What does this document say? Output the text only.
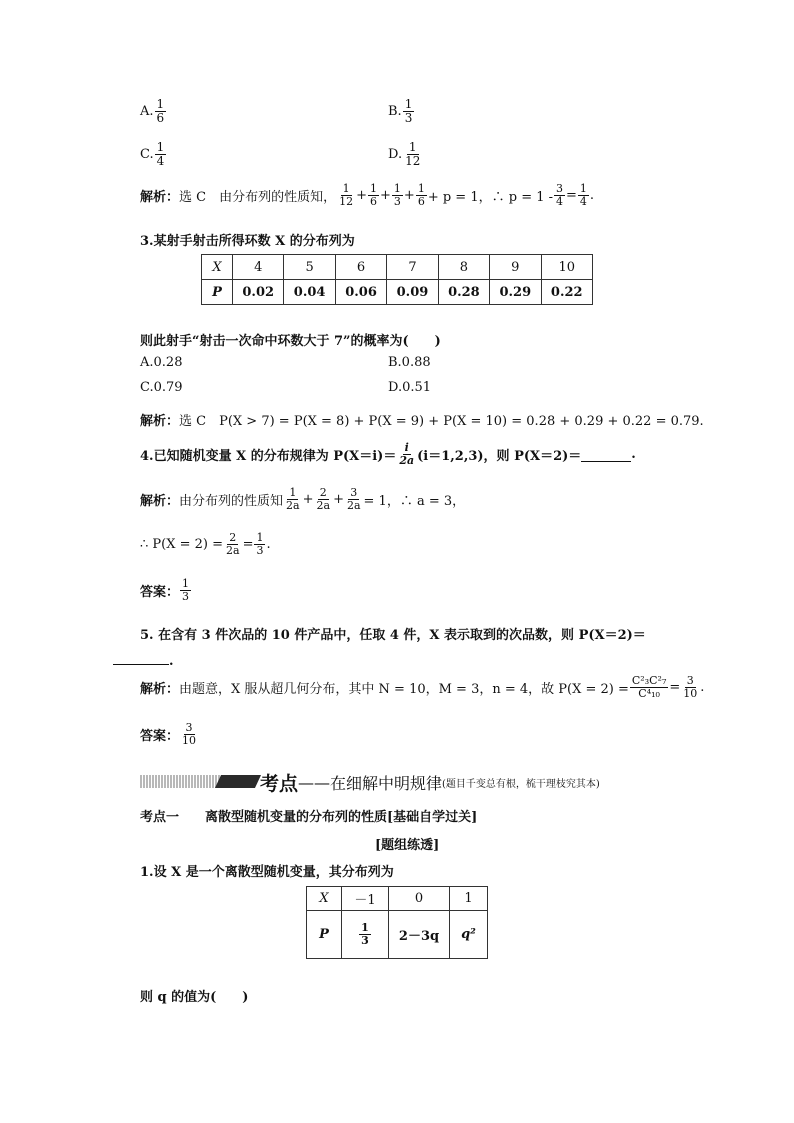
A. $\frac{1}{6}$	B. $\frac{1}{3}$
C. $\frac{1}{4}$	D. $\frac{1}{12}$
解析： 选 C　由分布列的性质知， $\frac{1}{12} + \frac{1}{6} + \frac{1}{3} + \frac{1}{6} + p = 1$，∴ $p = 1 - \frac{3}{4} = \frac{1}{4}$ .
3.某射手射击所得环数 X 的分布列为
X	4	5	6	7	8	9	10
P	0.02	0.04	0.06	0.09	0.28	0.29	0.22
则此射手“射击一次命中环数大于 7”的概率为(　　)
A.0.28	B.0.88
C.0.79	D.0.51
解析：选 C　P(X > 7) = P(X = 8) + P(X = 9) + P(X = 10) = 0.28 + 0.29 + 0.22 = 0.79.
4.已知随机变量 X 的分布规律为 $P(X=i)= \frac{i}{2a} (i=1,2,3)$，则 P(X＝2)＝	.
解析： 由分布列的性质知 $\frac{1}{2a} + \frac{2}{2a} + \frac{3}{2a} = 1$，∴ a = 3，
∴ $P(X = 2) = \frac{2}{2a} = \frac{1}{3}$ .
答案： $\frac{1}{3}$
5. 在含有 3 件次品的 10 件产品中，任取 4 件，X 表示取到的次品数，则 P(X＝2)＝
.
解析： 由题意，X 服从超几何分布，其中 N = 10，M = 3，n = 4，故 $P(X = 2) = \frac{\text{C²₃C²₇}}{\text{C⁴₁₀}} = \frac{3}{10}$ .
答案： $\frac{3}{10}$
考点 —— 在细解中明规律 (题目千变总有根，梳干理枝究其本)
考点一　　离散型随机变量的分布列的性质[基础自学过关]
[题组练透]
1.设 X 是一个离散型随机变量，其分布列为
X	－1	0	1
P	$\frac{1}{3}$	2－3q	q²
则 q 的值为(　　)
